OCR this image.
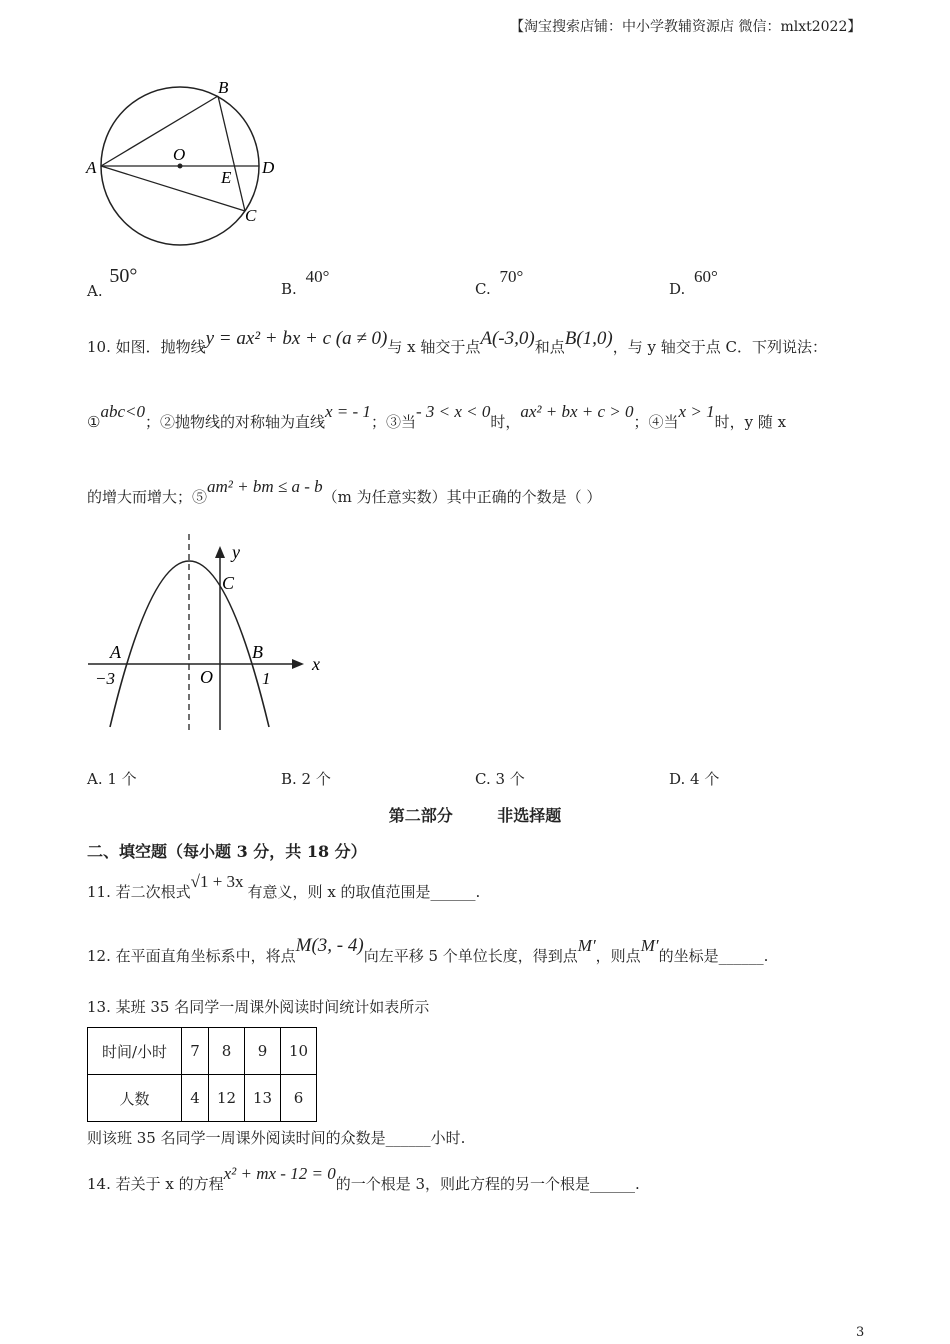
【淘宝搜索店铺：中小学教辅资源店 微信：mlxt2022】
A
B
O
E
D
C
A. 50°
B. 40°
C. 70°
D. 60°
10. 如图．抛物线y = ax² + bx + c (a ≠ 0)与 x 轴交于点A(-3,0)和点B(1,0)，与 y 轴交于点 C．下列说法：
①abc<0；②抛物线的对称轴为直线x = - 1；③当- 3 < x < 0时，ax² + bx + c > 0；④当x > 1时，y 随 x
的增大而增大；⑤am² + bm ≤ a - b（m 为任意实数）其中正确的个数是（ ）
y
x
C
A	B
O
−3	1
A. 1 个	B. 2 个	C. 3 个	D. 4 个
第二部分        非选择题
二、填空题（每小题 3 分，共 18 分）
11. 若二次根式√1 + 3x有意义，则 x 的取值范围是______.
12. 在平面直角坐标系中，将点M(3, - 4)向左平移 5 个单位长度，得到点M′，则点M′的坐标是______.
13. 某班 35 名同学一周课外阅读时间统计如表所示
时间/小时	7	8	9	10
人数	4	12	13	6
则该班 35 名同学一周课外阅读时间的众数是______小时.
14. 若关于 x 的方程x² + mx - 12 = 0的一个根是 3，则此方程的另一个根是______.
3
